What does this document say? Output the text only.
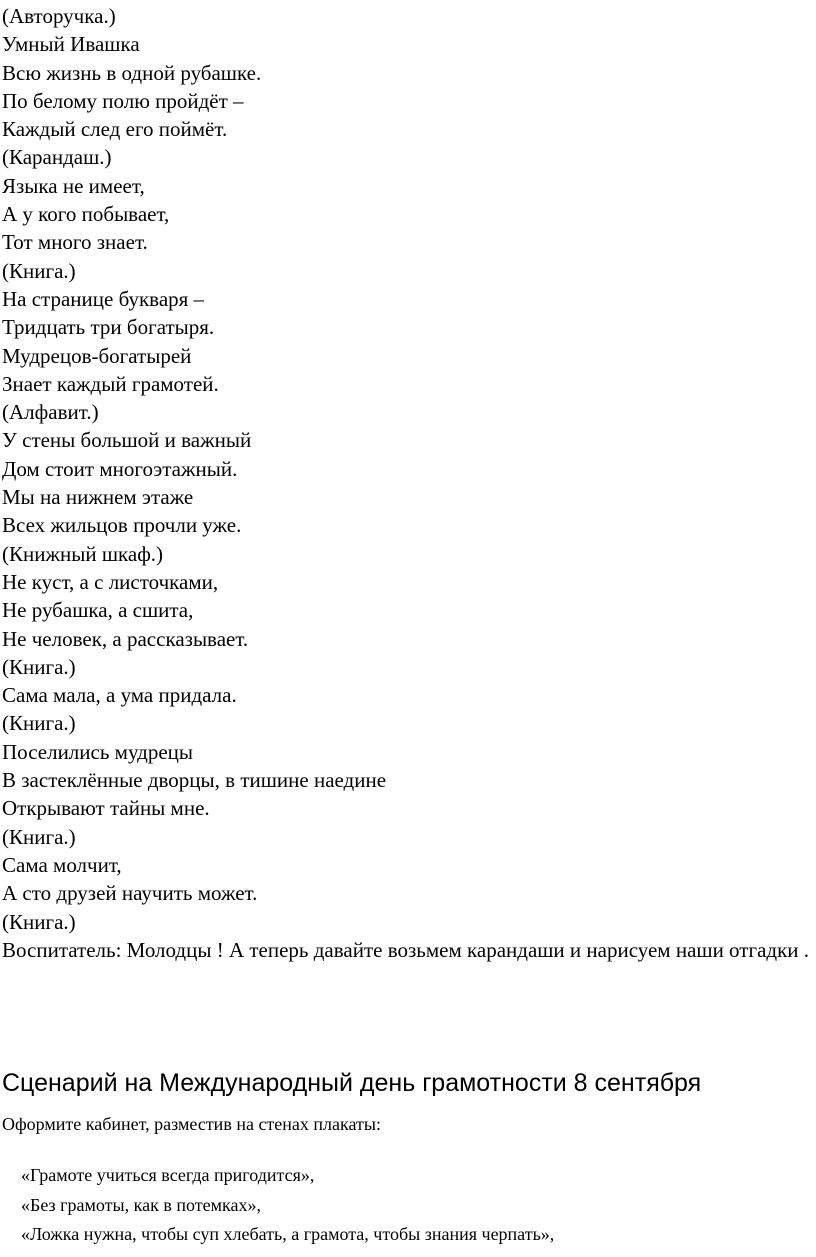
(Авторучка.)
Умный Ивашка
Всю жизнь в одной рубашке.
По белому полю пройдёт –
Каждый след его поймёт.
(Карандаш.)
Языка не имеет,
А у кого побывает,
Тот много знает.
(Книга.)
На странице букваря –
Тридцать три богатыря.
Мудрецов-богатырей
Знает каждый грамотей.
(Алфавит.)
У стены большой и важный
Дом стоит многоэтажный.
Мы на нижнем этаже
Всех жильцов прочли уже.
(Книжный шкаф.)
Не куст, а с листочками,
Не рубашка, а сшита,
Не человек, а рассказывает.
(Книга.)
Сама мала, а ума придала.
(Книга.)
Поселились мудрецы
В застеклённые дворцы, в тишине наедине
Открывают тайны мне.
(Книга.)
Сама молчит,
А сто друзей научить может.
(Книга.)
Воспитатель: Молодцы ! А теперь давайте возьмем карандаши и нарисуем наши отгадки .
Сценарий на Международный день грамотности 8 сентября

Оформите кабинет, разместив на стенах плакаты:

«Грамоте учиться всегда пригодится»,
«Без грамоты, как в потемках»,
«Ложка нужна, чтобы суп хлебать, а грамота, чтобы знания черпать»,
